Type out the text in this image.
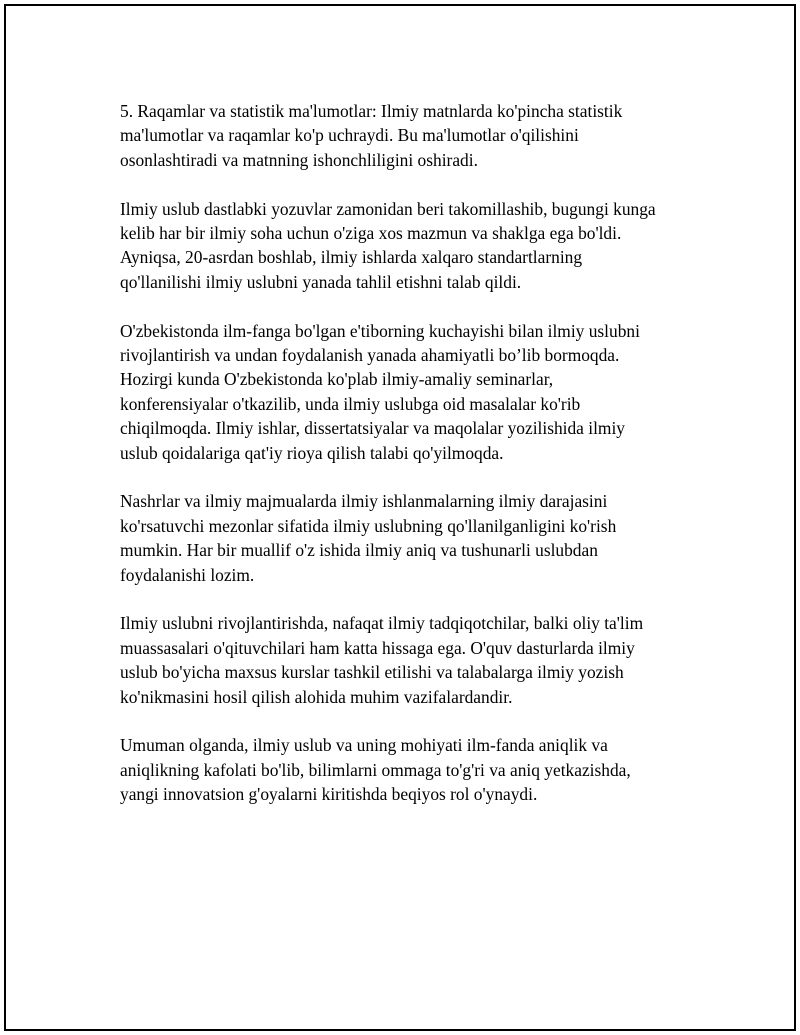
5. Raqamlar va statistik ma'lumotlar: Ilmiy matnlarda ko'pincha statistik
ma'lumotlar va raqamlar ko'p uchraydi. Bu ma'lumotlar o'qilishini
osonlashtiradi va matnning ishonchliligini oshiradi.

Ilmiy uslub dastlabki yozuvlar zamonidan beri takomillashib, bugungi kunga
kelib har bir ilmiy soha uchun o'ziga xos mazmun va shaklga ega bo'ldi.
Ayniqsa, 20-asrdan boshlab, ilmiy ishlarda xalqaro standartlarning
qo'llanilishi ilmiy uslubni yanada tahlil etishni talab qildi.

O'zbekistonda ilm-fanga bo'lgan e'tiborning kuchayishi bilan ilmiy uslubni
rivojlantirish va undan foydalanish yanada ahamiyatli bo’lib bormoqda.
Hozirgi kunda O'zbekistonda ko'plab ilmiy-amaliy seminarlar,
konferensiyalar o'tkazilib, unda ilmiy uslubga oid masalalar ko'rib
chiqilmoqda. Ilmiy ishlar, dissertatsiyalar va maqolalar yozilishida ilmiy
uslub qoidalariga qat'iy rioya qilish talabi qo'yilmoqda.

Nashrlar va ilmiy majmualarda ilmiy ishlanmalarning ilmiy darajasini
ko'rsatuvchi mezonlar sifatida ilmiy uslubning qo'llanilganligini ko'rish
mumkin. Har bir muallif o'z ishida ilmiy aniq va tushunarli uslubdan
foydalanishi lozim.

Ilmiy uslubni rivojlantirishda, nafaqat ilmiy tadqiqotchilar, balki oliy ta'lim
muassasalari o'qituvchilari ham katta hissaga ega. O'quv dasturlarda ilmiy
uslub bo'yicha maxsus kurslar tashkil etilishi va talabalarga ilmiy yozish
ko'nikmasini hosil qilish alohida muhim vazifalardandir.

Umuman olganda, ilmiy uslub va uning mohiyati ilm-fanda aniqlik va
aniqlikning kafolati bo'lib, bilimlarni ommaga to'g'ri va aniq yetkazishda,
yangi innovatsion g'oyalarni kiritishda beqiyos rol o'ynaydi.
